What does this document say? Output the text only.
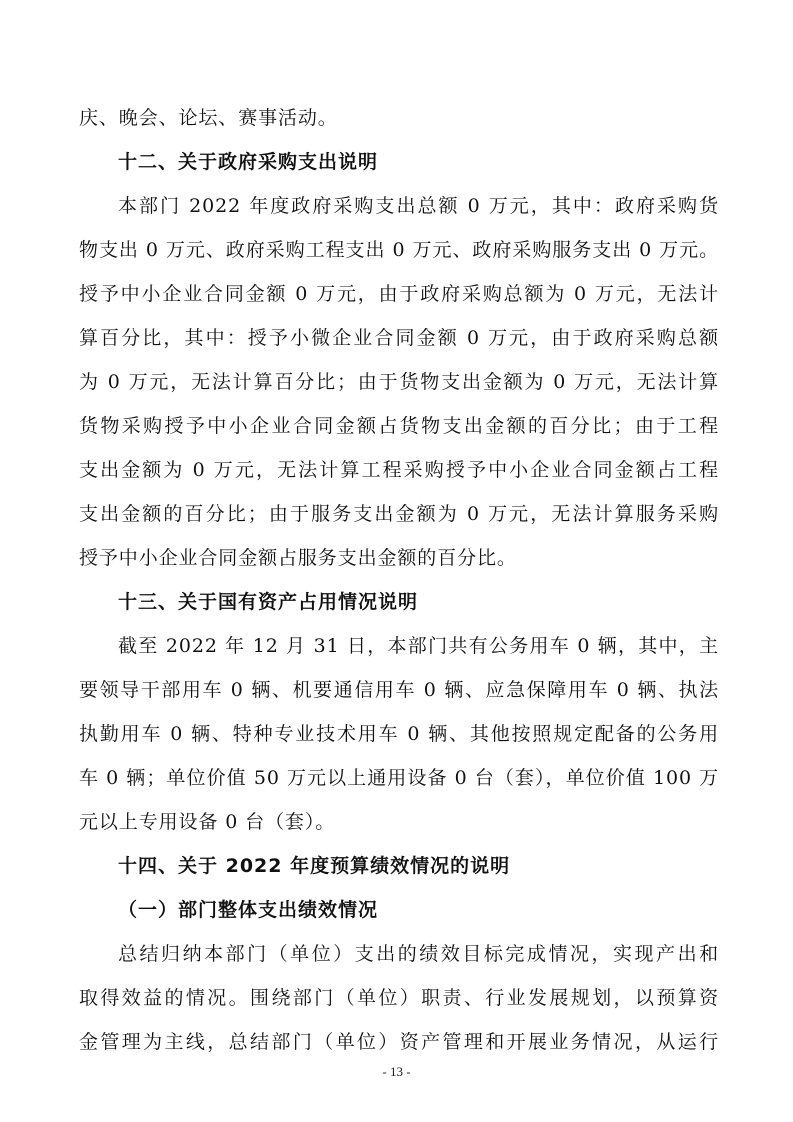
庆、晚会、论坛、赛事活动。
十二、关于政府采购支出说明
本部门 2022 年度政府采购支出总额 0 万元，其中：政府采购货
物支出 0 万元、政府采购工程支出 0 万元、政府采购服务支出 0 万元。
授予中小企业合同金额 0 万元，由于政府采购总额为 0 万元，无法计
算百分比，其中：授予小微企业合同金额 0 万元，由于政府采购总额
为 0 万元，无法计算百分比；由于货物支出金额为 0 万元，无法计算
货物采购授予中小企业合同金额占货物支出金额的百分比；由于工程
支出金额为 0 万元，无法计算工程采购授予中小企业合同金额占工程
支出金额的百分比；由于服务支出金额为 0 万元，无法计算服务采购
授予中小企业合同金额占服务支出金额的百分比。
十三、关于国有资产占用情况说明
截至 2022 年 12 月 31 日，本部门共有公务用车 0 辆，其中，主
要领导干部用车 0 辆、机要通信用车 0 辆、应急保障用车 0 辆、执法
执勤用车 0 辆、特种专业技术用车 0 辆、其他按照规定配备的公务用
车 0 辆；单位价值 50 万元以上通用设备 0 台（套），单位价值 100 万
元以上专用设备 0 台（套）。
十四、关于 2022 年度预算绩效情况的说明
（一）部门整体支出绩效情况
总结归纳本部门（单位）支出的绩效目标完成情况，实现产出和
取得效益的情况。围绕部门（单位）职责、行业发展规划，以预算资
金管理为主线，总结部门（单位）资产管理和开展业务情况，从运行
- 13 -
